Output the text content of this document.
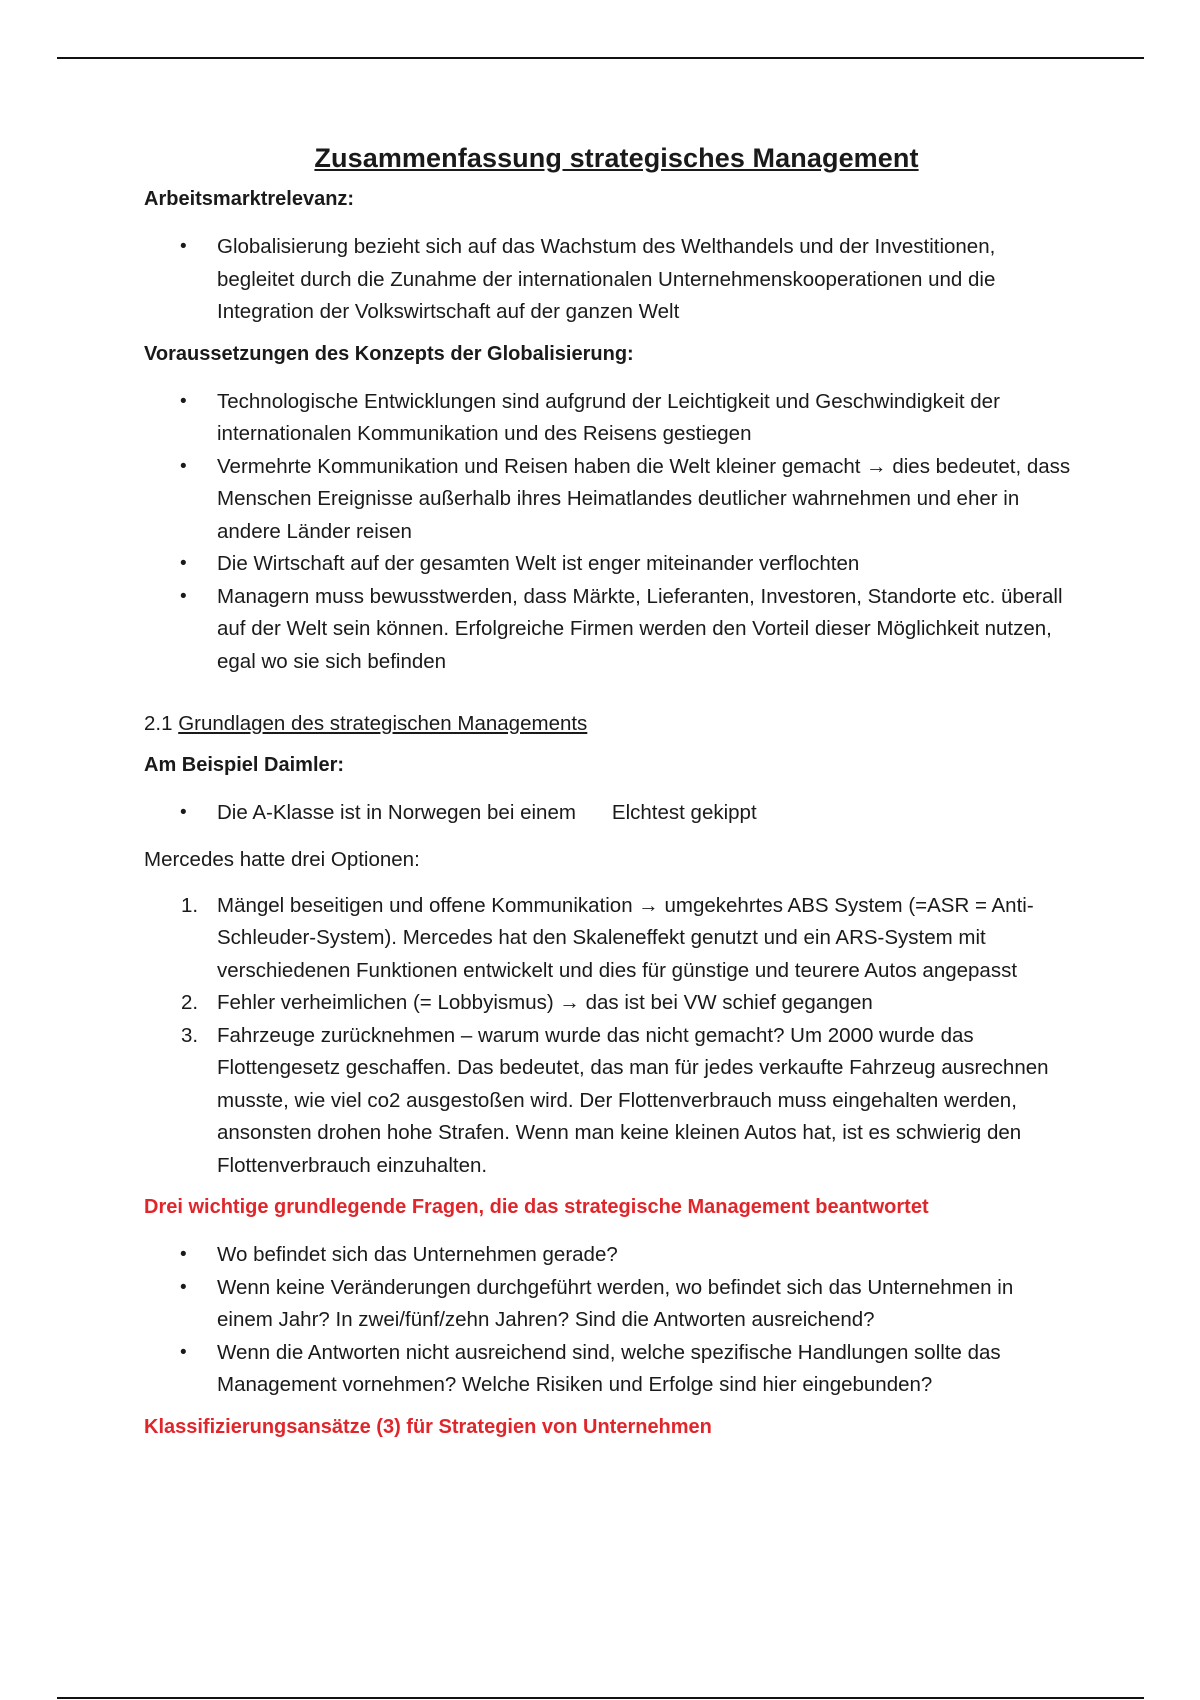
Zusammenfassung strategisches Management
Arbeitsmarktrelevanz:
• Globalisierung bezieht sich auf das Wachstum des Welthandels und der Investitionen, begleitet durch die Zunahme der internationalen Unternehmenskooperationen und die Integration der Volkswirtschaft auf der ganzen Welt
Voraussetzungen des Konzepts der Globalisierung:
• Technologische Entwicklungen sind aufgrund der Leichtigkeit und Geschwindigkeit der internationalen Kommunikation und des Reisens gestiegen
• Vermehrte Kommunikation und Reisen haben die Welt kleiner gemacht → dies bedeutet, dass Menschen Ereignisse außerhalb ihres Heimatlandes deutlicher wahrnehmen und eher in andere Länder reisen
• Die Wirtschaft auf der gesamten Welt ist enger miteinander verflochten
• Managern muss bewusstwerden, dass Märkte, Lieferanten, Investoren, Standorte etc. überall auf der Welt sein können. Erfolgreiche Firmen werden den Vorteil dieser Möglichkeit nutzen, egal wo sie sich befinden
2.1 Grundlagen des strategischen Managements
Am Beispiel Daimler:
• Die A-Klasse ist in Norwegen bei einem Elchtest gekippt
Mercedes hatte drei Optionen:
1. Mängel beseitigen und offene Kommunikation → umgekehrtes ABS System (=ASR = Anti-Schleuder-System). Mercedes hat den Skaleneffekt genutzt und ein ARS-System mit verschiedenen Funktionen entwickelt und dies für günstige und teurere Autos angepasst
2. Fehler verheimlichen (= Lobbyismus) → das ist bei VW schief gegangen
3. Fahrzeuge zurücknehmen – warum wurde das nicht gemacht? Um 2000 wurde das Flottengesetz geschaffen. Das bedeutet, das man für jedes verkaufte Fahrzeug ausrechnen musste, wie viel co2 ausgestoßen wird. Der Flottenverbrauch muss eingehalten werden, ansonsten drohen hohe Strafen. Wenn man keine kleinen Autos hat, ist es schwierig den Flottenverbrauch einzuhalten.
Drei wichtige grundlegende Fragen, die das strategische Management beantwortet
• Wo befindet sich das Unternehmen gerade?
• Wenn keine Veränderungen durchgeführt werden, wo befindet sich das Unternehmen in einem Jahr? In zwei/fünf/zehn Jahren? Sind die Antworten ausreichend?
• Wenn die Antworten nicht ausreichend sind, welche spezifische Handlungen sollte das Management vornehmen? Welche Risiken und Erfolge sind hier eingebunden?
Klassifizierungsansätze (3) für Strategien von Unternehmen
